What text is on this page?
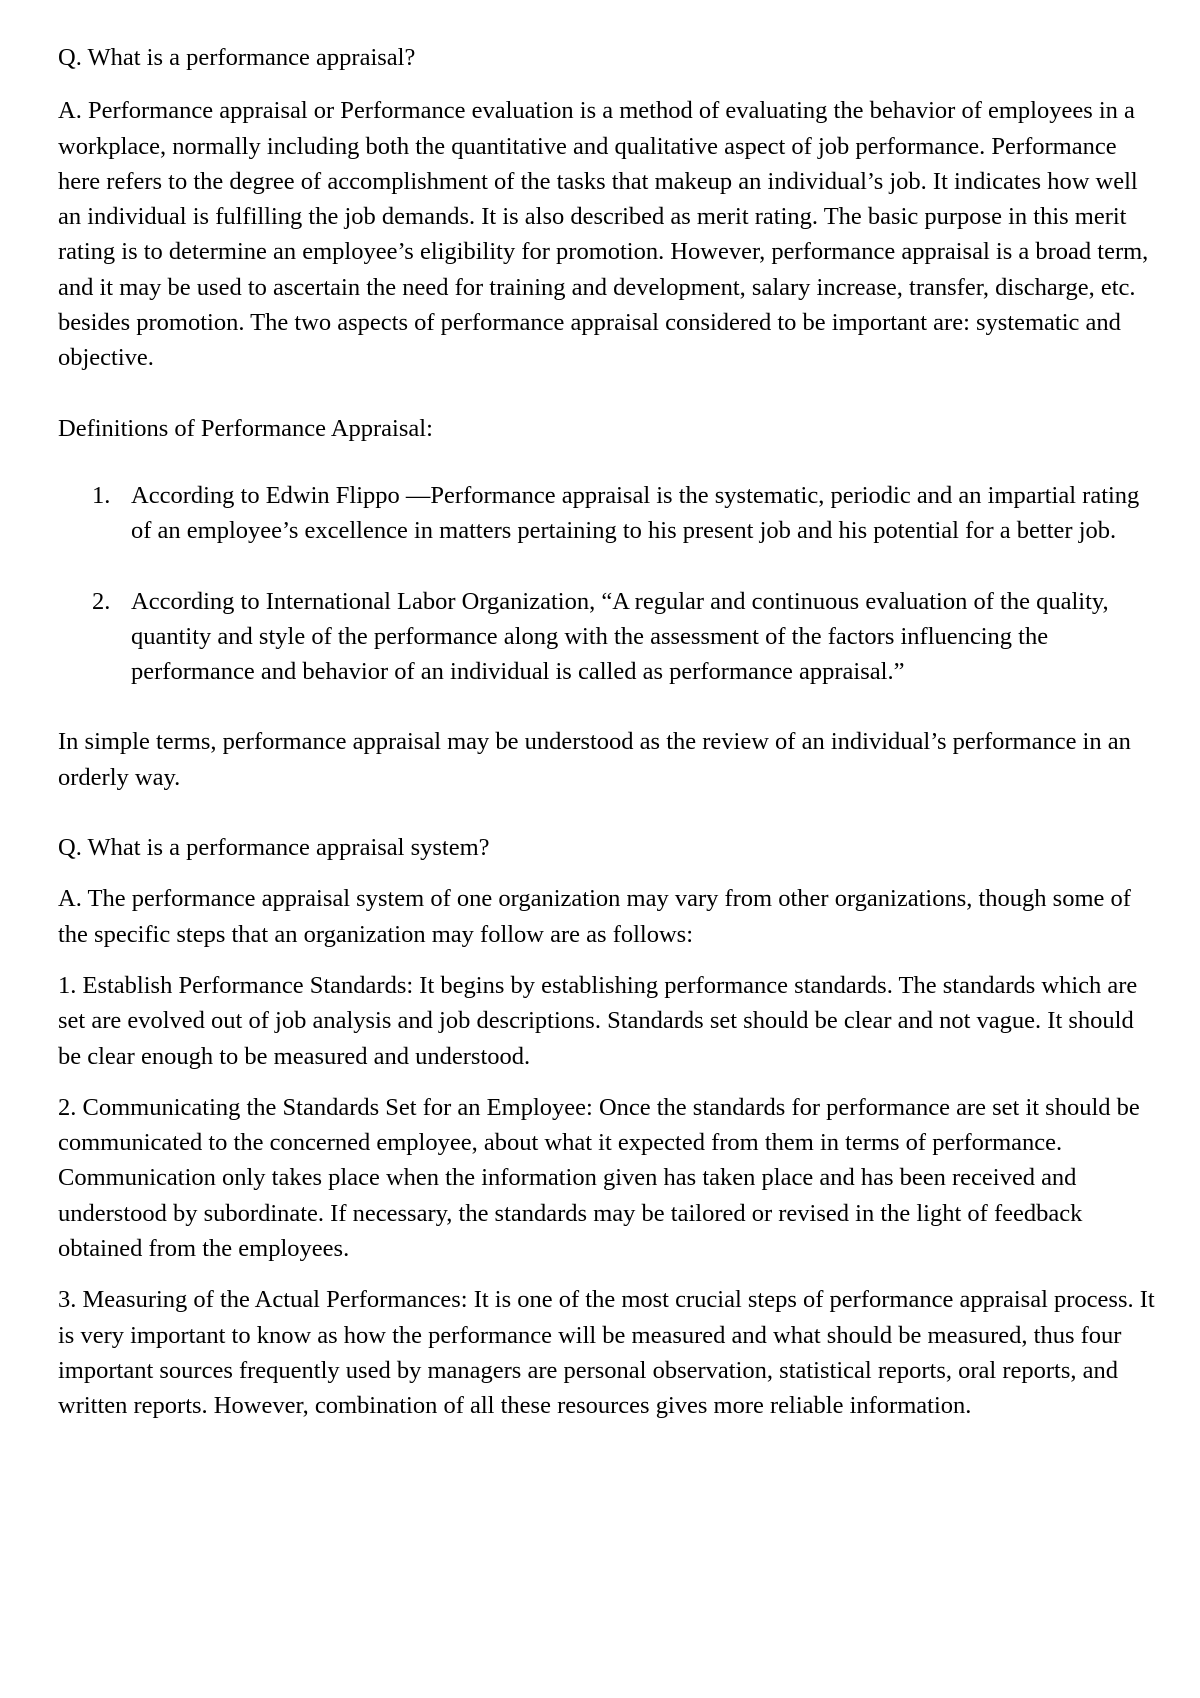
Q. What is a performance appraisal?

A. Performance appraisal or Performance evaluation is a method of evaluating the behavior of employees in a workplace, normally including both the quantitative and qualitative aspect of job performance. Performance here refers to the degree of accomplishment of the tasks that makeup an individual’s job. It indicates how well an individual is fulfilling the job demands. It is also described as merit rating. The basic purpose in this merit rating is to determine an employee’s eligibility for promotion. However, performance appraisal is a broad term, and it may be used to ascertain the need for training and development, salary increase, transfer, discharge, etc. besides promotion. The two aspects of performance appraisal considered to be important are: systematic and objective.

Definitions of Performance Appraisal:

1. According to Edwin Flippo —Performance appraisal is the systematic, periodic and an impartial rating of an employee’s excellence in matters pertaining to his present job and his potential for a better job.
2. According to International Labor Organization, “A regular and continuous evaluation of the quality, quantity and style of the performance along with the assessment of the factors influencing the performance and behavior of an individual is called as performance appraisal.”

In simple terms, performance appraisal may be understood as the review of an individual’s performance in an orderly way.

Q. What is a performance appraisal system?

A. The performance appraisal system of one organization may vary from other organizations, though some of the specific steps that an organization may follow are as follows:

1. Establish Performance Standards: It begins by establishing performance standards. The standards which are set are evolved out of job analysis and job descriptions. Standards set should be clear and not vague. It should be clear enough to be measured and understood.

2. Communicating the Standards Set for an Employee: Once the standards for performance are set it should be communicated to the concerned employee, about what it expected from them in terms of performance. Communication only takes place when the information given has taken place and has been received and understood by subordinate. If necessary, the standards may be tailored or revised in the light of feedback obtained from the employees.

3. Measuring of the Actual Performances: It is one of the most crucial steps of performance appraisal process. It is very important to know as how the performance will be measured and what should be measured, thus four important sources frequently used by managers are personal observation, statistical reports, oral reports, and written reports. However, combination of all these resources gives more reliable information.
